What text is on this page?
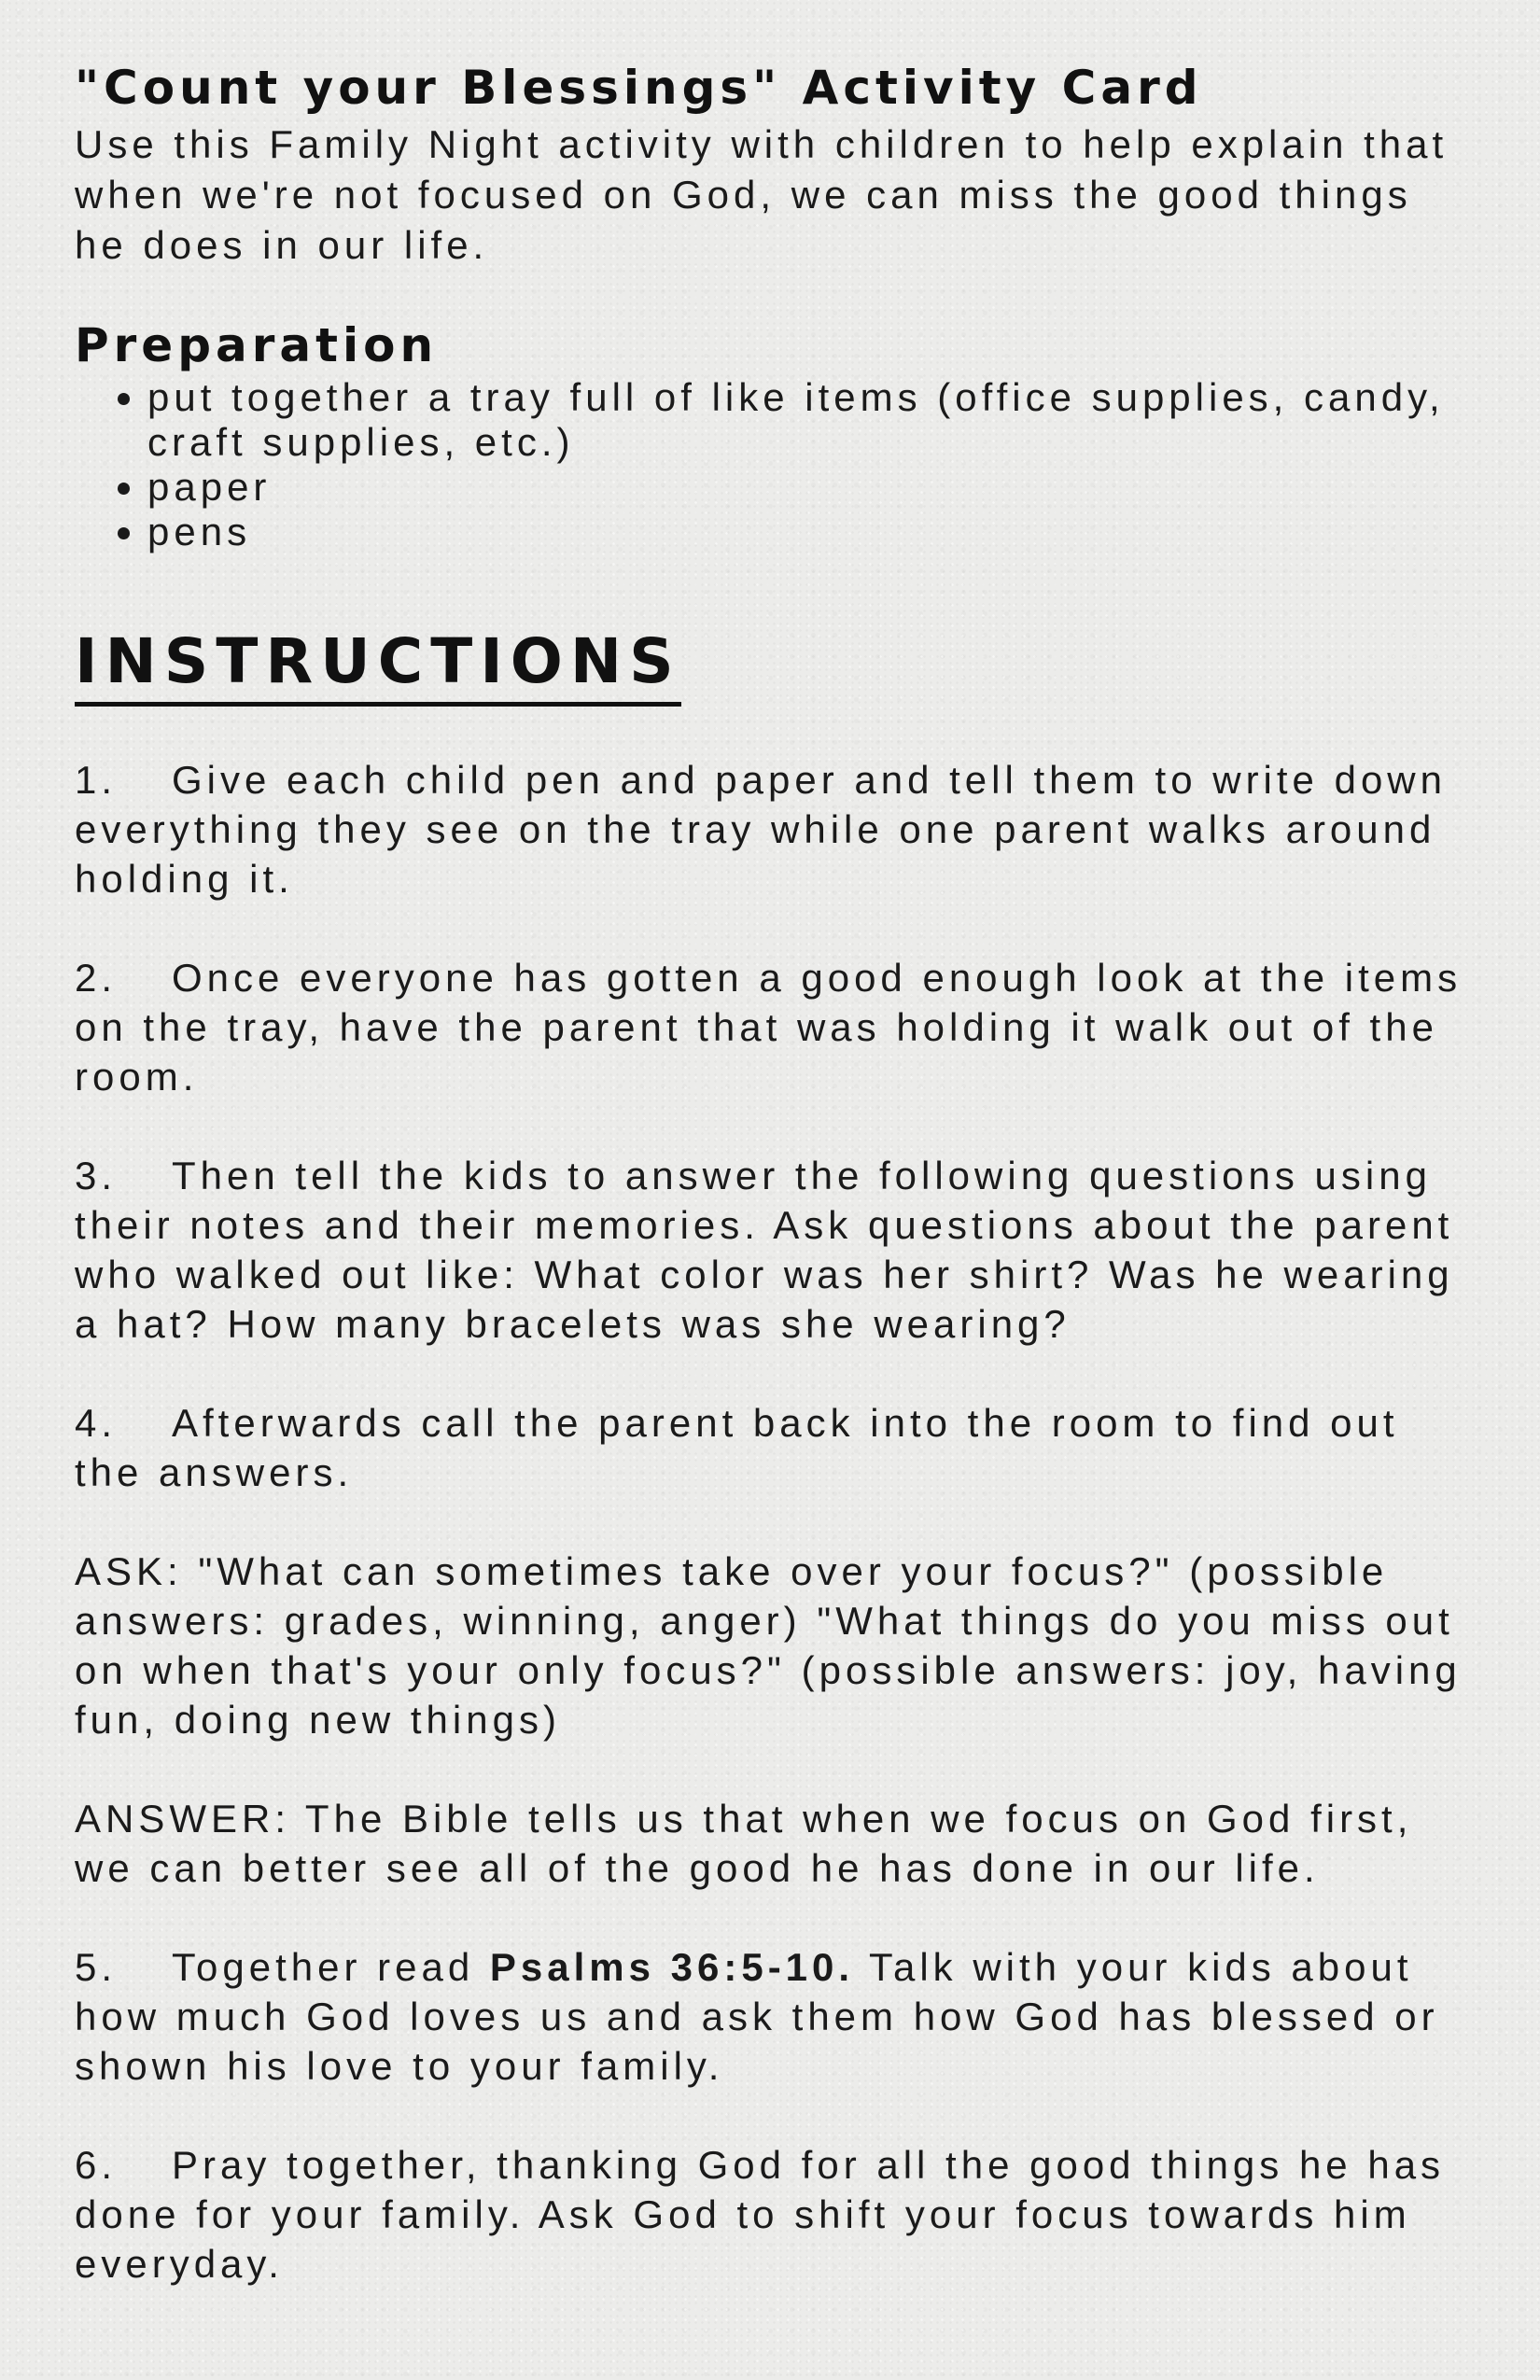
"Count your Blessings" Activity Card

Use this Family Night activity with children to help explain that when we're not focused on God, we can miss the good things he does in our life.

Preparation
• put together a tray full of like items (office supplies, candy, craft supplies, etc.)
• paper
• pens
INSTRUCTIONS

1. Give each child pen and paper and tell them to write down everything they see on the tray while one parent walks around holding it.

2. Once everyone has gotten a good enough look at the items on the tray, have the parent that was holding it walk out of the room.

3. Then tell the kids to answer the following questions using their notes and their memories. Ask questions about the parent who walked out like: What color was her shirt? Was he wearing a hat? How many bracelets was she wearing?

4. Afterwards call the parent back into the room to find out the answers.

ASK: "What can sometimes take over your focus?" (possible answers: grades, winning, anger) "What things do you miss out on when that's your only focus?" (possible answers: joy, having fun, doing new things)

ANSWER: The Bible tells us that when we focus on God first, we can better see all of the good he has done in our life.

5. Together read Psalms 36:5-10. Talk with your kids about how much God loves us and ask them how God has blessed or shown his love to your family.

6. Pray together, thanking God for all the good things he has done for your family. Ask God to shift your focus towards him everyday.
